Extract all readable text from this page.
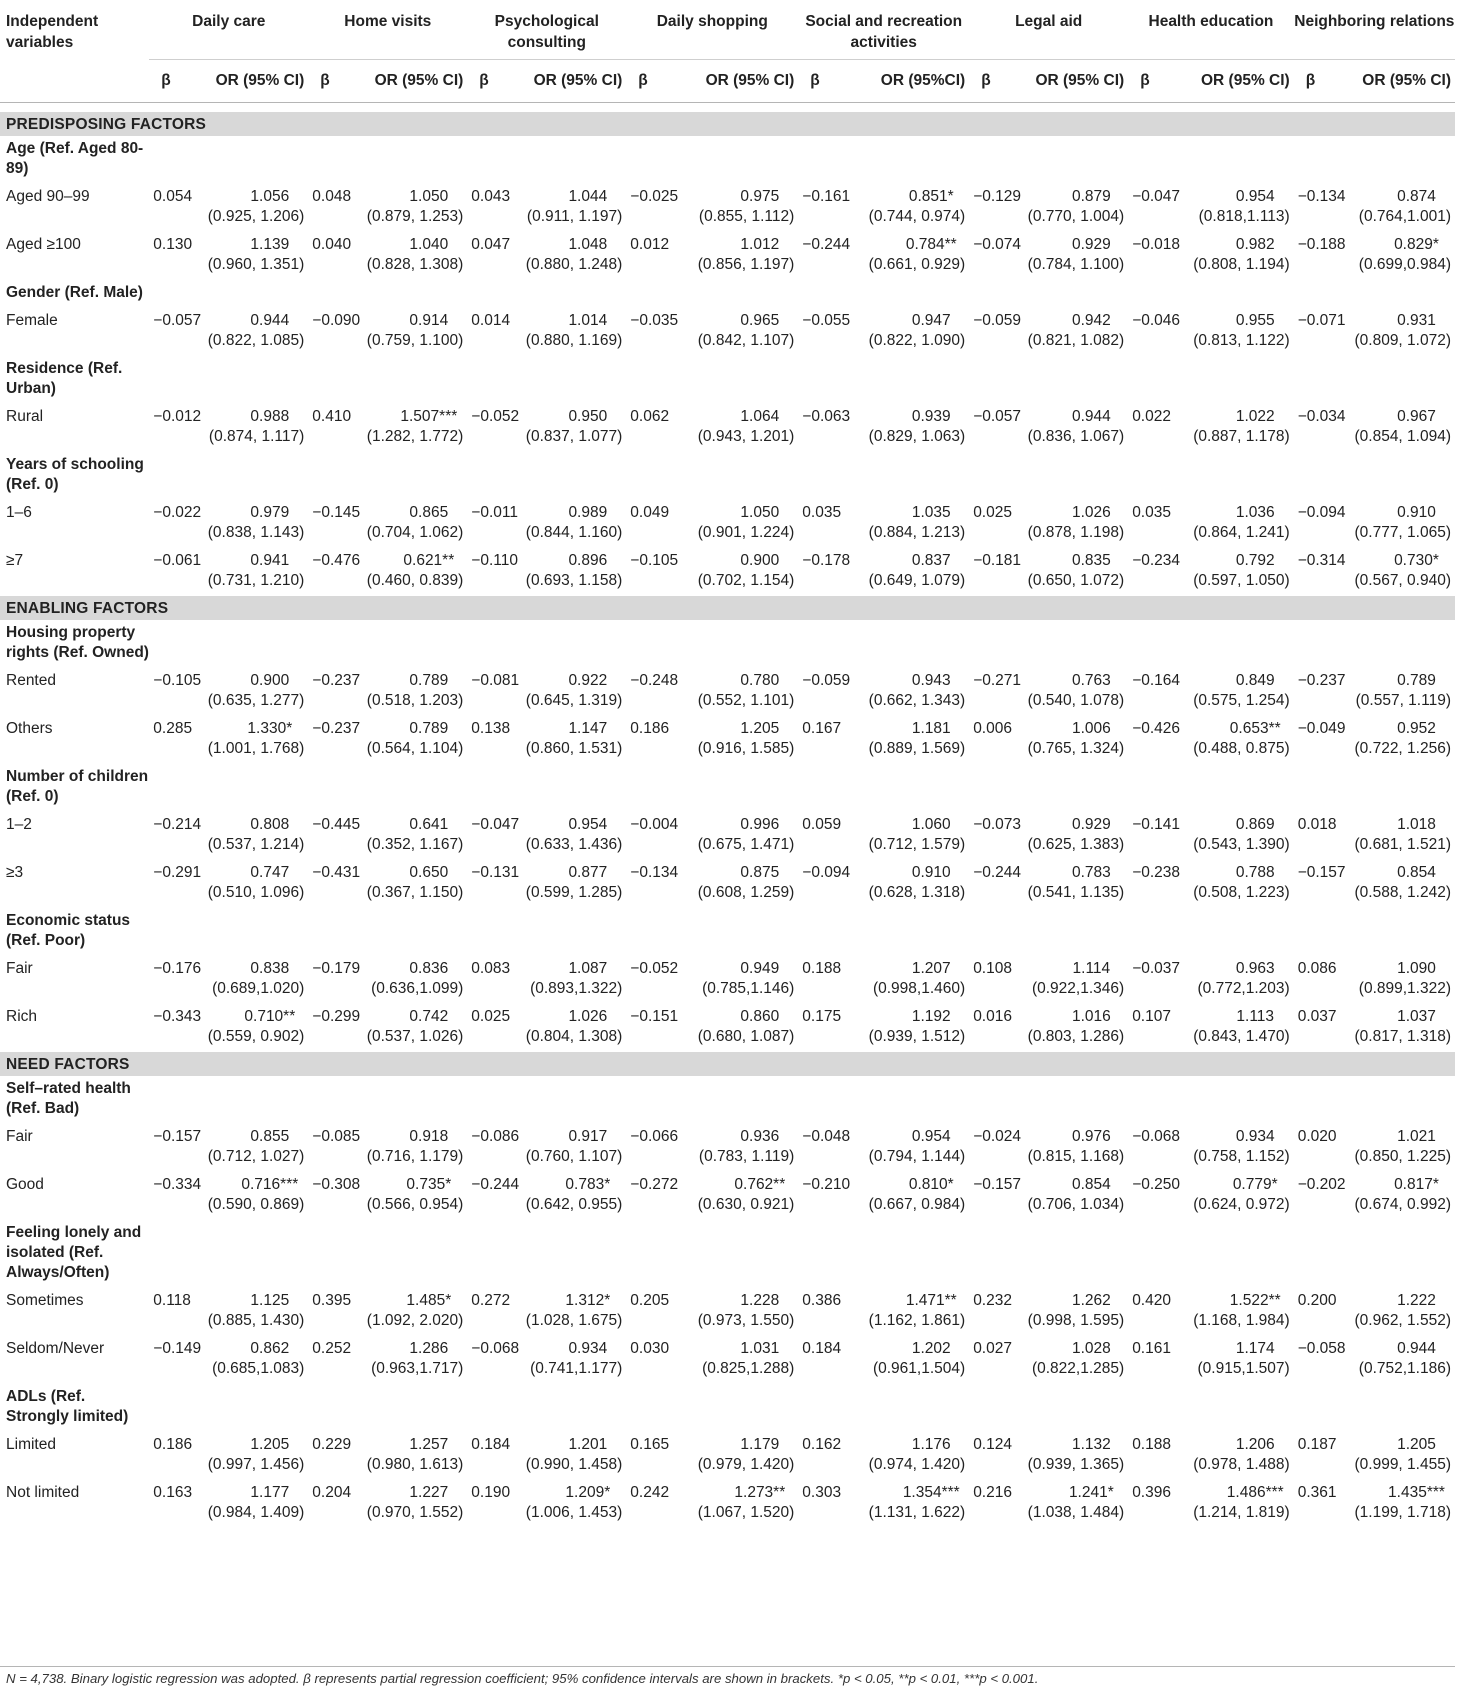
Independent variables	Daily care		Home visits		Psychological consulting		Daily shopping		Social and recreation activities		Legal aid		Health education		Neighboring relations	
	β	OR (95% CI)	β	OR (95% CI)	β	OR (95% CI)	β	OR (95% CI)	β	OR (95%CI)	β	OR (95% CI)	β	OR (95% CI)	β	OR (95% CI)

PREDISPOSING FACTORS																
Age (Ref. Aged 80-89)																
Aged 90–99	0.054	1.056	0.048	1.050	0.043	1.044	−0.025	0.975	−0.161	0.851*	−0.129	0.879	−0.047	0.954	−0.134	0.874
	(0.925, 1.206)		(0.879, 1.253)		(0.911, 1.197)		(0.855, 1.112)		(0.744, 0.974)		(0.770, 1.004)		(0.818,1.113)		(0.764,1.001)	
Aged ≥100	0.130	1.139	0.040	1.040	0.047	1.048	0.012	1.012	−0.244	0.784**	−0.074	0.929	−0.018	0.982	−0.188	0.829*
	(0.960, 1.351)		(0.828, 1.308)		(0.880, 1.248)		(0.856, 1.197)		(0.661, 0.929)		(0.784, 1.100)		(0.808, 1.194)		(0.699,0.984)	
Gender (Ref. Male)																
Female	−0.057	0.944	−0.090	0.914	0.014	1.014	−0.035	0.965	−0.055	0.947	−0.059	0.942	−0.046	0.955	−0.071	0.931
	(0.822, 1.085)		(0.759, 1.100)		(0.880, 1.169)		(0.842, 1.107)		(0.822, 1.090)		(0.821, 1.082)		(0.813, 1.122)		(0.809, 1.072)	
Residence (Ref. Urban)																
Rural	−0.012	0.988	0.410	1.507***	−0.052	0.950	0.062	1.064	−0.063	0.939	−0.057	0.944	0.022	1.022	−0.034	0.967
	(0.874, 1.117)		(1.282, 1.772)		(0.837, 1.077)		(0.943, 1.201)		(0.829, 1.063)		(0.836, 1.067)		(0.887, 1.178)		(0.854, 1.094)	
Years of schooling (Ref. 0)																
1–6	−0.022	0.979	−0.145	0.865	−0.011	0.989	0.049	1.050	0.035	1.035	0.025	1.026	0.035	1.036	−0.094	0.910
	(0.838, 1.143)		(0.704, 1.062)		(0.844, 1.160)		(0.901, 1.224)		(0.884, 1.213)		(0.878, 1.198)		(0.864, 1.241)		(0.777, 1.065)	
≥7	−0.061	0.941	−0.476	0.621**	−0.110	0.896	−0.105	0.900	−0.178	0.837	−0.181	0.835	−0.234	0.792	−0.314	0.730*
	(0.731, 1.210)		(0.460, 0.839)		(0.693, 1.158)		(0.702, 1.154)		(0.649, 1.079)		(0.650, 1.072)		(0.597, 1.050)		(0.567, 0.940)	
ENABLING FACTORS																
Housing property rights (Ref. Owned)																
Rented	−0.105	0.900	−0.237	0.789	−0.081	0.922	−0.248	0.780	−0.059	0.943	−0.271	0.763	−0.164	0.849	−0.237	0.789
	(0.635, 1.277)		(0.518, 1.203)		(0.645, 1.319)		(0.552, 1.101)		(0.662, 1.343)		(0.540, 1.078)		(0.575, 1.254)		(0.557, 1.119)	
Others	0.285	1.330*	−0.237	0.789	0.138	1.147	0.186	1.205	0.167	1.181	0.006	1.006	−0.426	0.653**	−0.049	0.952
	(1.001, 1.768)		(0.564, 1.104)		(0.860, 1.531)		(0.916, 1.585)		(0.889, 1.569)		(0.765, 1.324)		(0.488, 0.875)		(0.722, 1.256)	
Number of children (Ref. 0)																
1–2	−0.214	0.808	−0.445	0.641	−0.047	0.954	−0.004	0.996	0.059	1.060	−0.073	0.929	−0.141	0.869	0.018	1.018
	(0.537, 1.214)		(0.352, 1.167)		(0.633, 1.436)		(0.675, 1.471)		(0.712, 1.579)		(0.625, 1.383)		(0.543, 1.390)		(0.681, 1.521)	
≥3	−0.291	0.747	−0.431	0.650	−0.131	0.877	−0.134	0.875	−0.094	0.910	−0.244	0.783	−0.238	0.788	−0.157	0.854
	(0.510, 1.096)		(0.367, 1.150)		(0.599, 1.285)		(0.608, 1.259)		(0.628, 1.318)		(0.541, 1.135)		(0.508, 1.223)		(0.588, 1.242)	
Economic status (Ref. Poor)																
Fair	−0.176	0.838	−0.179	0.836	0.083	1.087	−0.052	0.949	0.188	1.207	0.108	1.114	−0.037	0.963	0.086	1.090
	(0.689,1.020)		(0.636,1.099)		(0.893,1.322)		(0.785,1.146)		(0.998,1.460)		(0.922,1.346)		(0.772,1.203)		(0.899,1.322)	
Rich	−0.343	0.710**	−0.299	0.742	0.025	1.026	−0.151	0.860	0.175	1.192	0.016	1.016	0.107	1.113	0.037	1.037
	(0.559, 0.902)		(0.537, 1.026)		(0.804, 1.308)		(0.680, 1.087)		(0.939, 1.512)		(0.803, 1.286)		(0.843, 1.470)		(0.817, 1.318)	
NEED FACTORS																
Self–rated health (Ref. Bad)																
Fair	−0.157	0.855	−0.085	0.918	−0.086	0.917	−0.066	0.936	−0.048	0.954	−0.024	0.976	−0.068	0.934	0.020	1.021
	(0.712, 1.027)		(0.716, 1.179)		(0.760, 1.107)		(0.783, 1.119)		(0.794, 1.144)		(0.815, 1.168)		(0.758, 1.152)		(0.850, 1.225)	
Good	−0.334	0.716***	−0.308	0.735*	−0.244	0.783*	−0.272	0.762**	−0.210	0.810*	−0.157	0.854	−0.250	0.779*	−0.202	0.817*
	(0.590, 0.869)		(0.566, 0.954)		(0.642, 0.955)		(0.630, 0.921)		(0.667, 0.984)		(0.706, 1.034)		(0.624, 0.972)		(0.674, 0.992)	
Feeling lonely and isolated (Ref. Always/Often)																
Sometimes	0.118	1.125	0.395	1.485*	0.272	1.312*	0.205	1.228	0.386	1.471**	0.232	1.262	0.420	1.522**	0.200	1.222
	(0.885, 1.430)		(1.092, 2.020)		(1.028, 1.675)		(0.973, 1.550)		(1.162, 1.861)		(0.998, 1.595)		(1.168, 1.984)		(0.962, 1.552)	
Seldom/Never	−0.149	0.862	0.252	1.286	−0.068	0.934	0.030	1.031	0.184	1.202	0.027	1.028	0.161	1.174	−0.058	0.944
	(0.685,1.083)		(0.963,1.717)		(0.741,1.177)		(0.825,1.288)		(0.961,1.504)		(0.822,1.285)		(0.915,1.507)		(0.752,1.186)	
ADLs (Ref. Strongly limited)																
Limited	0.186	1.205	0.229	1.257	0.184	1.201	0.165	1.179	0.162	1.176	0.124	1.132	0.188	1.206	0.187	1.205
	(0.997, 1.456)		(0.980, 1.613)		(0.990, 1.458)		(0.979, 1.420)		(0.974, 1.420)		(0.939, 1.365)		(0.978, 1.488)		(0.999, 1.455)	
Not limited	0.163	1.177	0.204	1.227	0.190	1.209*	0.242	1.273**	0.303	1.354***	0.216	1.241*	0.396	1.486***	0.361	1.435***
	(0.984, 1.409)		(0.970, 1.552)		(1.006, 1.453)		(1.067, 1.520)		(1.131, 1.622)		(1.038, 1.484)		(1.214, 1.819)		(1.199, 1.718)	
N = 4,738. Binary logistic regression was adopted. β represents partial regression coefficient; 95% confidence intervals are shown in brackets. *p < 0.05, **p < 0.01, ***p < 0.001.
